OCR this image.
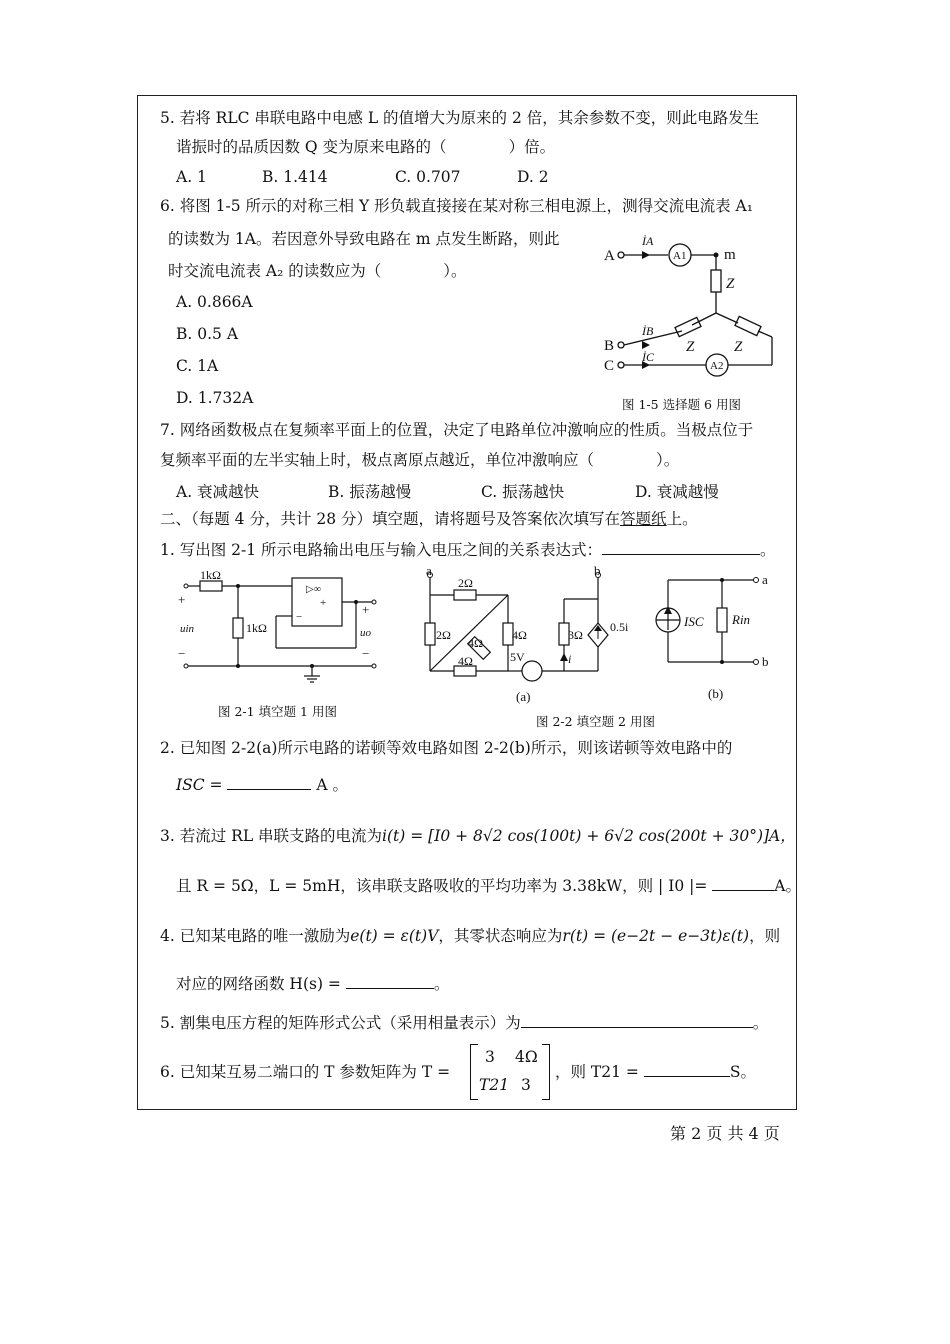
5. 若将 RLC 串联电路中电感 L 的值增大为原来的 2 倍，其余参数不变，则此电路发生
谐振时的品质因数 Q 变为原来电路的（　　　　）倍。
A. 1	B. 1.414	C. 0.707	D. 2
6. 将图 1-5 所示的对称三相 Y 形负载直接接在某对称三相电源上，测得交流电流表 A₁
的读数为 1A。若因意外导致电路在 m 点发生断路，则此
时交流电流表 A₂ 的读数应为（　　　　）。
A. 0.866A
B. 0.5 A
C. 1A
D. 1.732A
A
B
C
m
Z
Z	Z
İA
İB
İC
A1
A2
图 1-5 选择题 6 用图
7. 网络函数极点在复频率平面上的位置，决定了电路单位冲激响应的性质。当极点位于
复频率平面的左半实轴上时，极点离原点越近，单位冲激响应（　　　　）。
A. 衰减越快	B. 振荡越慢	C. 振荡越快	D. 衰减越慢
二、（每题 4 分，共计 28 分）填空题，请将题号及答案依次填写在答题纸上。
1. 写出图 2-1 所示电路输出电压与输入电压之间的关系表达式：	。
1kΩ
1kΩ
+
−
uin
+
−
uo
▷∞
−
+
图 2-1 填空题 1 用图
a	b
2Ω
2Ω
4Ω
4Ω
4Ω	3Ω
0.5i
5V	i
(a)
a
b
ISC Rin
(b)
图 2-2 填空题 2 用图
2. 已知图 2-2(a)所示电路的诺顿等效电路如图 2-2(b)所示，则该诺顿等效电路中的
ISC =	A 。
3. 若流过 RL 串联支路的电流为i(t) = [I0 + 8√2 cos(100t) + 6√2 cos(200t + 30°)]A，
且 R = 5Ω，L = 5mH，该串联支路吸收的平均功率为 3.38kW，则 | I0 |=	A。
4. 已知某电路的唯一激励为e(t) = ε(t)V，其零状态响应为r(t) = (e−2t − e−3t)ε(t)，则
对应的网络函数 H(s) =	。
5. 割集电压方程的矩阵形式公式（采用相量表示）为	。
6. 已知某互易二端口的 T 参数矩阵为 T =
3 4Ω
T21 3
，则 T21 =	S。
第 2 页 共 4 页
